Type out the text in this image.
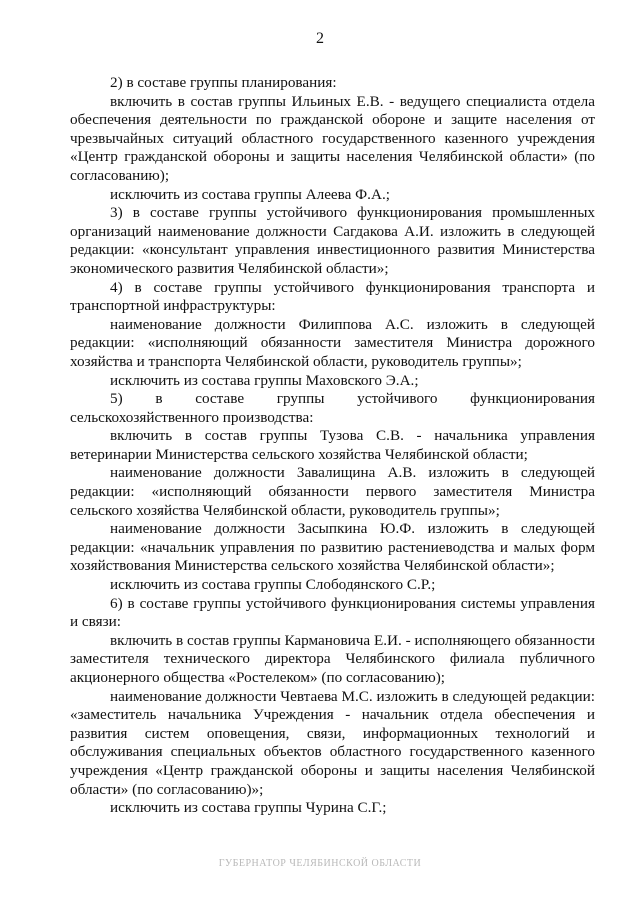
2

2) в составе группы планирования:

включить в состав группы Ильиных Е.В. - ведущего специалиста отдела обеспечения деятельности по гражданской обороне и защите населения от чрезвычайных ситуаций областного государственного казенного учреждения «Центр гражданской обороны и защиты населения Челябинской области» (по согласованию);

исключить из состава группы Алеева Ф.А.;

3) в составе группы устойчивого функционирования промышленных организаций наименование должности Сагдакова А.И. изложить в следующей редакции: «консультант управления инвестиционного развития Министерства экономического развития Челябинской области»;

4) в составе группы устойчивого функционирования транспорта и транспортной инфраструктуры:

наименование должности Филиппова А.С. изложить в следующей редакции: «исполняющий обязанности заместителя Министра дорожного хозяйства и транспорта Челябинской области, руководитель группы»;

исключить из состава группы Маховского Э.А.;

5) в составе группы устойчивого функционирования сельскохозяйственного производства:

включить в состав группы Тузова С.В. - начальника управления ветеринарии Министерства сельского хозяйства Челябинской области;

наименование должности Завалищина А.В. изложить в следующей редакции: «исполняющий обязанности первого заместителя Министра сельского хозяйства Челябинской области, руководитель группы»;

наименование должности Засыпкина Ю.Ф. изложить в следующей редакции: «начальник управления по развитию растениеводства и малых форм хозяйствования Министерства сельского хозяйства Челябинской области»;

исключить из состава группы Слободянского С.Р.;

6) в составе группы устойчивого функционирования системы управления и связи:

включить в состав группы Кармановича Е.И. - исполняющего обязанности заместителя технического директора Челябинского филиала публичного акционерного общества «Ростелеком» (по согласованию);

наименование должности Чевтаева М.С. изложить в следующей редакции: «заместитель начальника Учреждения - начальник отдела обеспечения и развития систем оповещения, связи, информационных технологий и обслуживания специальных объектов областного государственного казенного учреждения «Центр гражданской обороны и защиты населения Челябинской области» (по согласованию)»;

исключить из состава группы Чурина С.Г.;

ГУБЕРНАТОР ЧЕЛЯБИНСКОЙ ОБЛАСТИ
